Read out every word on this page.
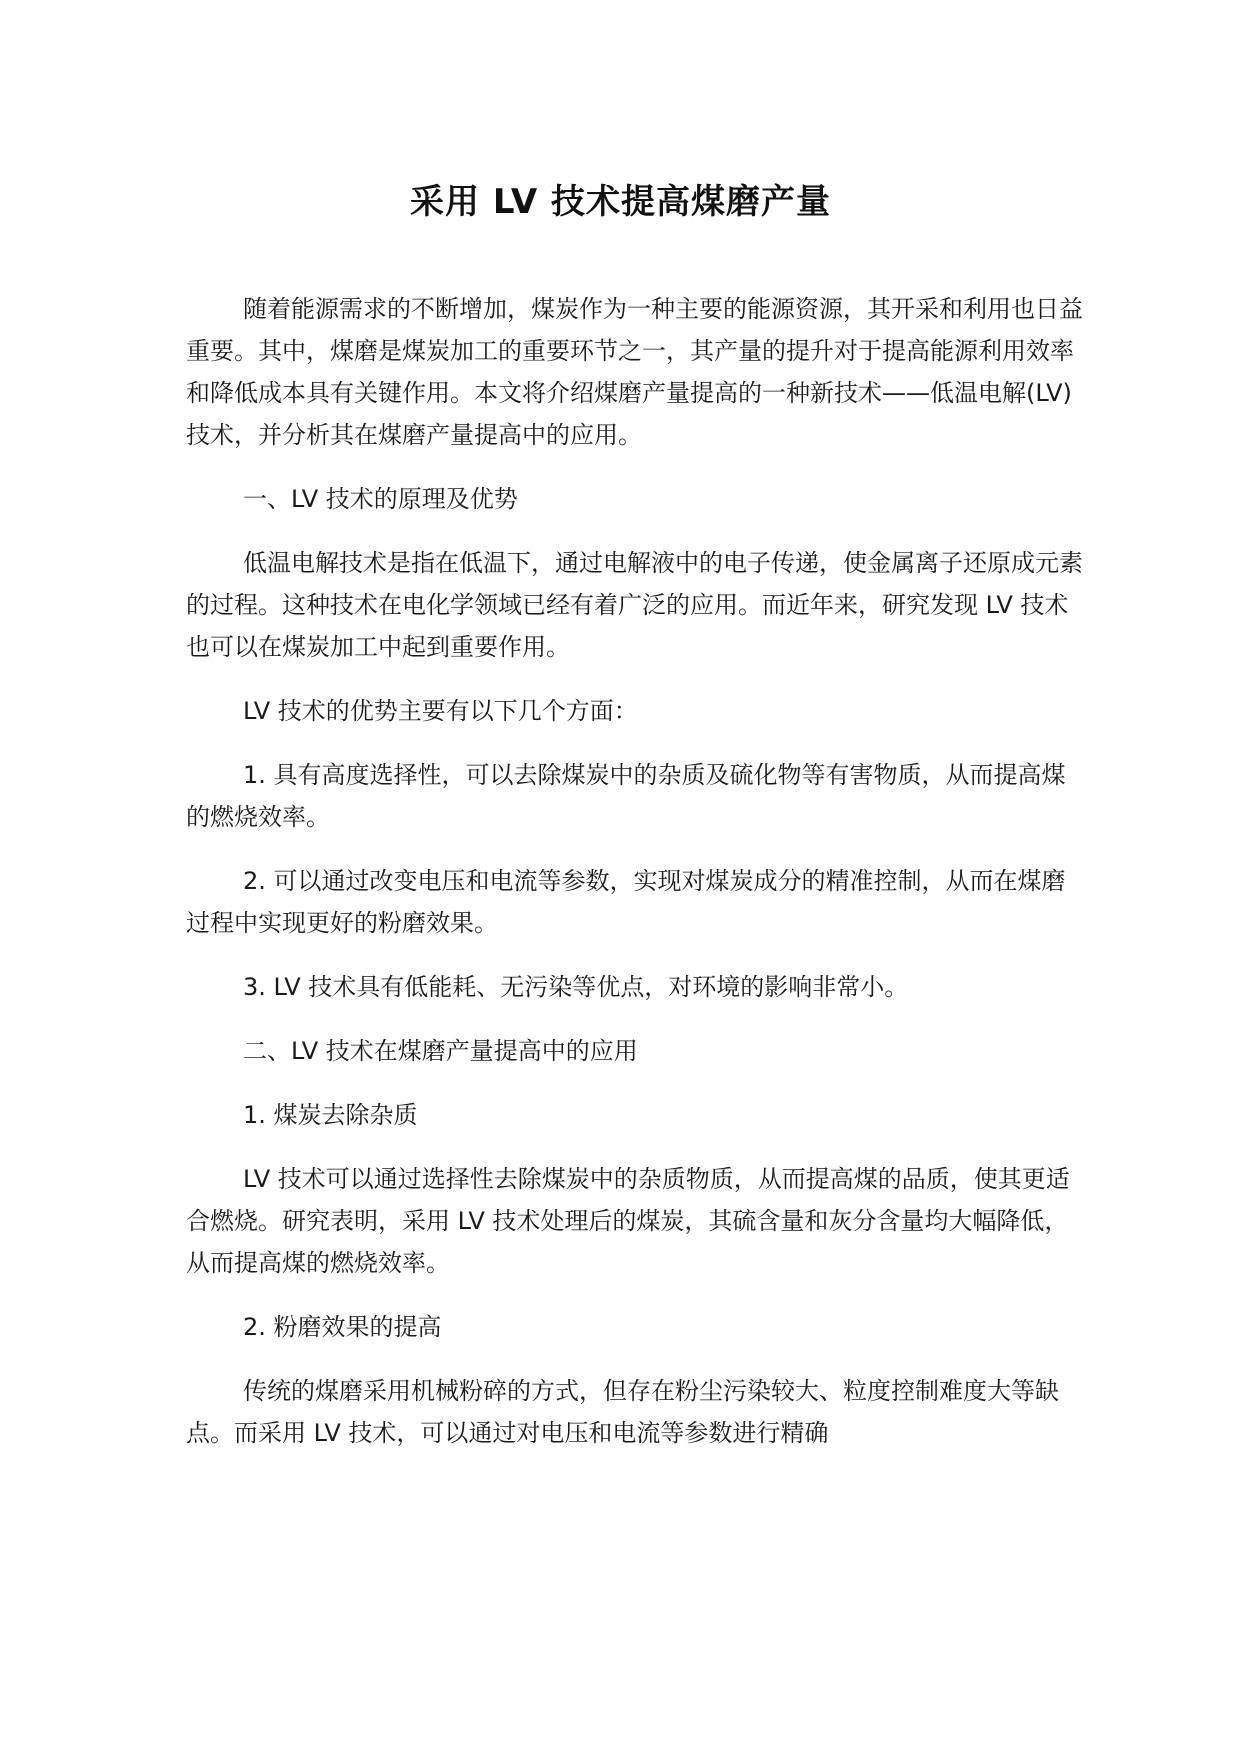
采用 LV 技术提高煤磨产量

随着能源需求的不断增加，煤炭作为一种主要的能源资源，其开采和利用也日益重要。其中，煤磨是煤炭加工的重要环节之一，其产量的提升对于提高能源利用效率和降低成本具有关键作用。本文将介绍煤磨产量提高的一种新技术——低温电解(LV)技术，并分析其在煤磨产量提高中的应用。

一、LV 技术的原理及优势

低温电解技术是指在低温下，通过电解液中的电子传递，使金属离子还原成元素的过程。这种技术在电化学领域已经有着广泛的应用。而近年来，研究发现 LV 技术也可以在煤炭加工中起到重要作用。

LV 技术的优势主要有以下几个方面：

1. 具有高度选择性，可以去除煤炭中的杂质及硫化物等有害物质，从而提高煤的燃烧效率。

2. 可以通过改变电压和电流等参数，实现对煤炭成分的精准控制，从而在煤磨过程中实现更好的粉磨效果。

3. LV 技术具有低能耗、无污染等优点，对环境的影响非常小。

二、LV 技术在煤磨产量提高中的应用

1. 煤炭去除杂质

LV 技术可以通过选择性去除煤炭中的杂质物质，从而提高煤的品质，使其更适合燃烧。研究表明，采用 LV 技术处理后的煤炭，其硫含量和灰分含量均大幅降低，从而提高煤的燃烧效率。

2. 粉磨效果的提高

传统的煤磨采用机械粉碎的方式，但存在粉尘污染较大、粒度控制难度大等缺点。而采用 LV 技术，可以通过对电压和电流等参数进行精确
